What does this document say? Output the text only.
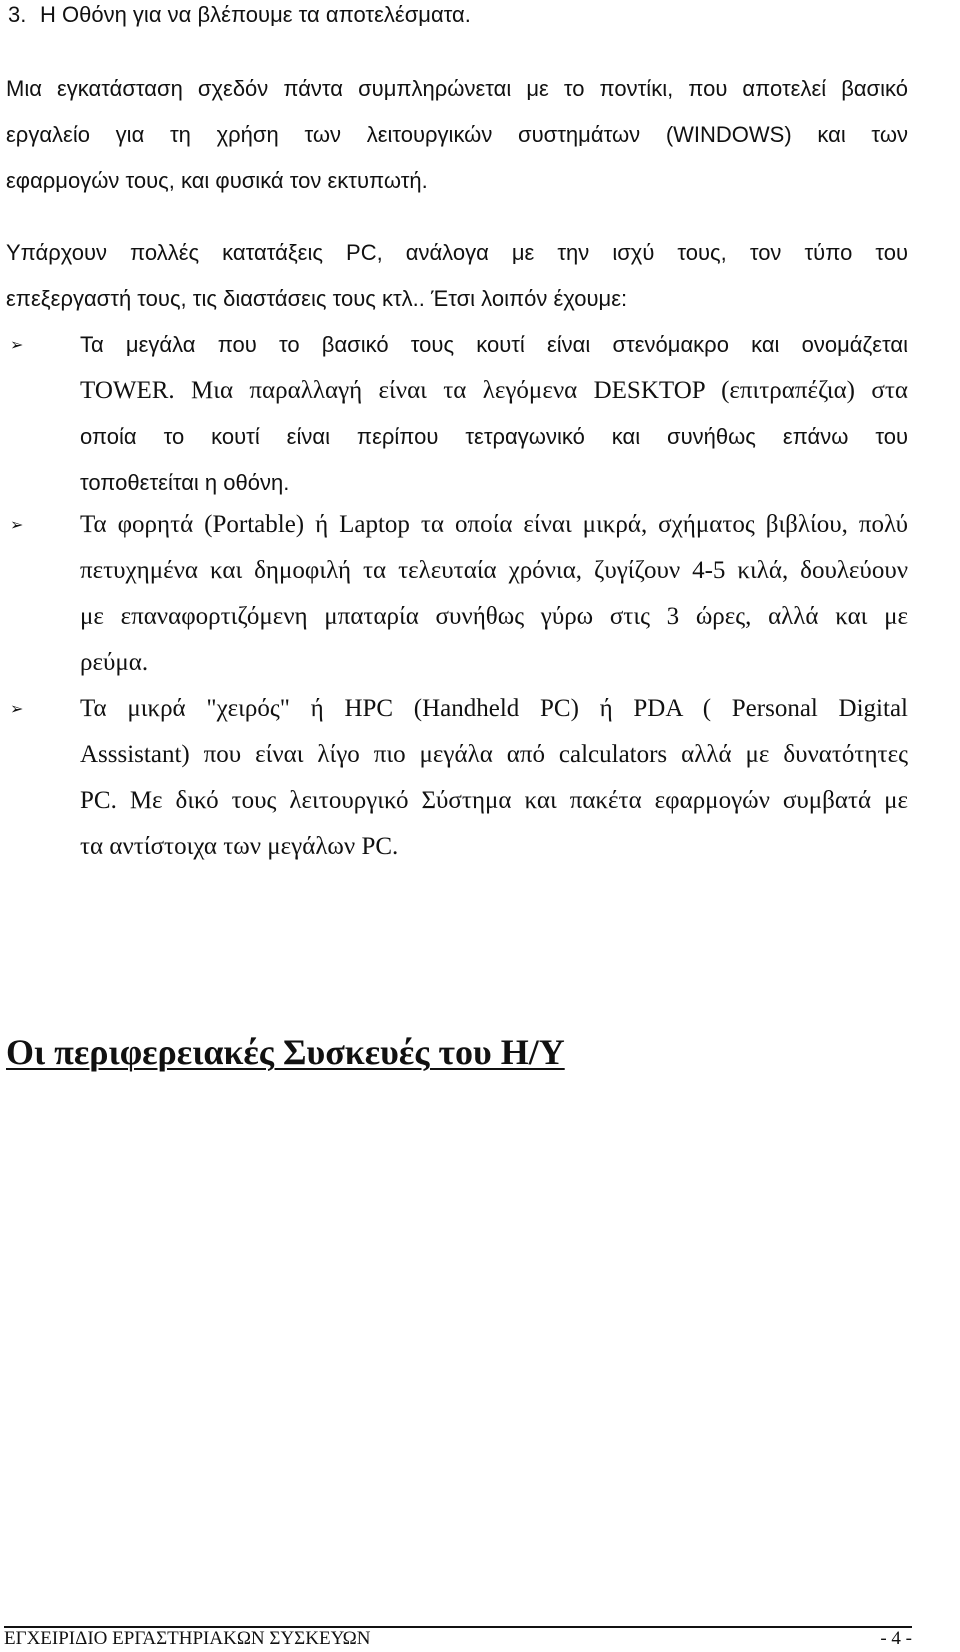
3. Η Οθόνη για να βλέπουμε τα αποτελέσματα.
Μια εγκατάσταση σχεδόν πάντα συμπληρώνεται με το ποντίκι, που αποτελεί βασικό
εργαλείο για τη χρήση των λειτουργικών συστημάτων (WINDOWS) και των
εφαρμογών τους, και φυσικά τον εκτυπωτή.
Υπάρχουν πολλές κατατάξεις PC, ανάλογα με την ισχύ τους, τον τύπο του
επεξεργαστή τους, τις διαστάσεις τους κτλ.. Έτσι λοιπόν έχουμε:
➢	Τα μεγάλα που το βασικό τους κουτί είναι στενόμακρο και ονομάζεται
TOWER. Μια παραλλαγή είναι τα λεγόμενα DESKTOP (επιτραπέζια) στα
οποία το κουτί είναι περίπου τετραγωνικό και συνήθως επάνω του
τοποθετείται η οθόνη.
➢ Τα φορητά (Portable) ή Laptop τα οποία είναι μικρά, σχήματος βιβλίου, πολύ
πετυχημένα και δημοφιλή τα τελευταία χρόνια, ζυγίζουν 4-5 κιλά, δουλεύουν
με επαναφορτιζόμενη μπαταρία συνήθως γύρω στις 3 ώρες, αλλά και με
ρεύμα.
➢ Τα μικρά "χειρός" ή HPC (Handheld PC) ή PDA ( Personal Digital
Asssistant) που είναι λίγο πιο μεγάλα από calculators αλλά με δυνατότητες
PC. Με δικό τους λειτουργικό Σύστημα και πακέτα εφαρμογών συμβατά με
τα αντίστοιχα των μεγάλων PC.
Οι περιφερειακές Συσκευές του Η/Υ
ΕΓΧΕΙΡΙΔΙΟ ΕΡΓΑΣΤΗΡΙΑΚΩΝ ΣΥΣΚΕΥΩΝ	- 4 -
